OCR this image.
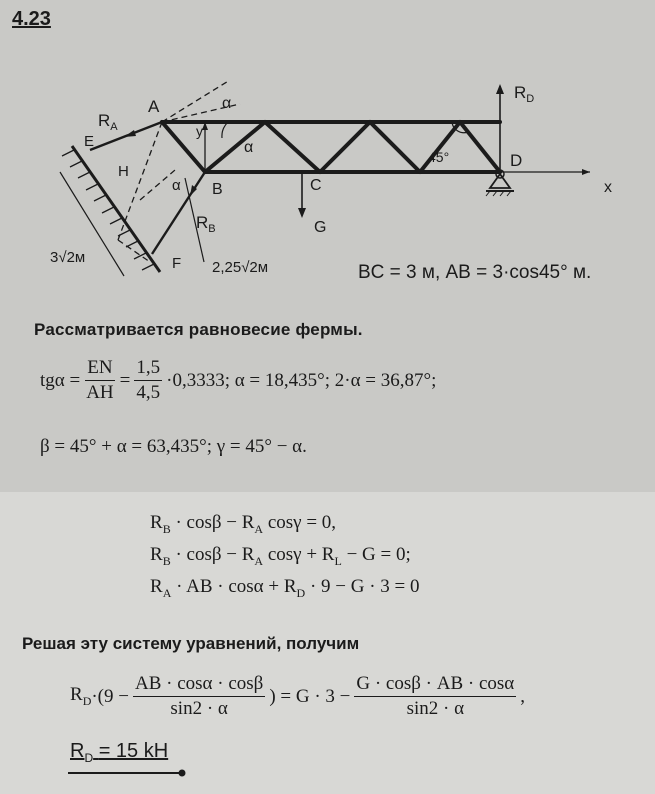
4.23
$R_A$
A
E
H
F
B	C
D
y
x
α
α
α
45°
$R_D$
$R_B$	G
3√2м
2,25√2м	BC = 3 м, AB = 3·cos45° м.
Рассматривается равновесие фермы.
$tg\alpha = \frac{EN}{AH} = \frac{1,5}{4,5} \cdot 0,3333$; α = 18,435°; 2·α = 36,87°;
β = 45° + α = 63,435°; γ = 45° − α.
$R_B \cdot \cos\beta - R_A$ cosγ = 0,
$R_B \cdot \cos\beta - R_A$ $\cos\gamma + R_L - G = 0$;
$R_A$ · AB · $\cos\alpha + R_D \cdot 9 - G \cdot 3 = 0$
Решая эту систему уравнений, получим
$R_D \cdot(9 - \frac{AB \cdot \cos\alpha \cdot \cos\beta}{\sin 2 \cdot \alpha}$ ) = $G \cdot 3 - \frac{G \cdot \cos\beta \cdot AB \cdot \cos\alpha}{\sin 2 \cdot \alpha}$ ,
$R_D = 15$ kH
